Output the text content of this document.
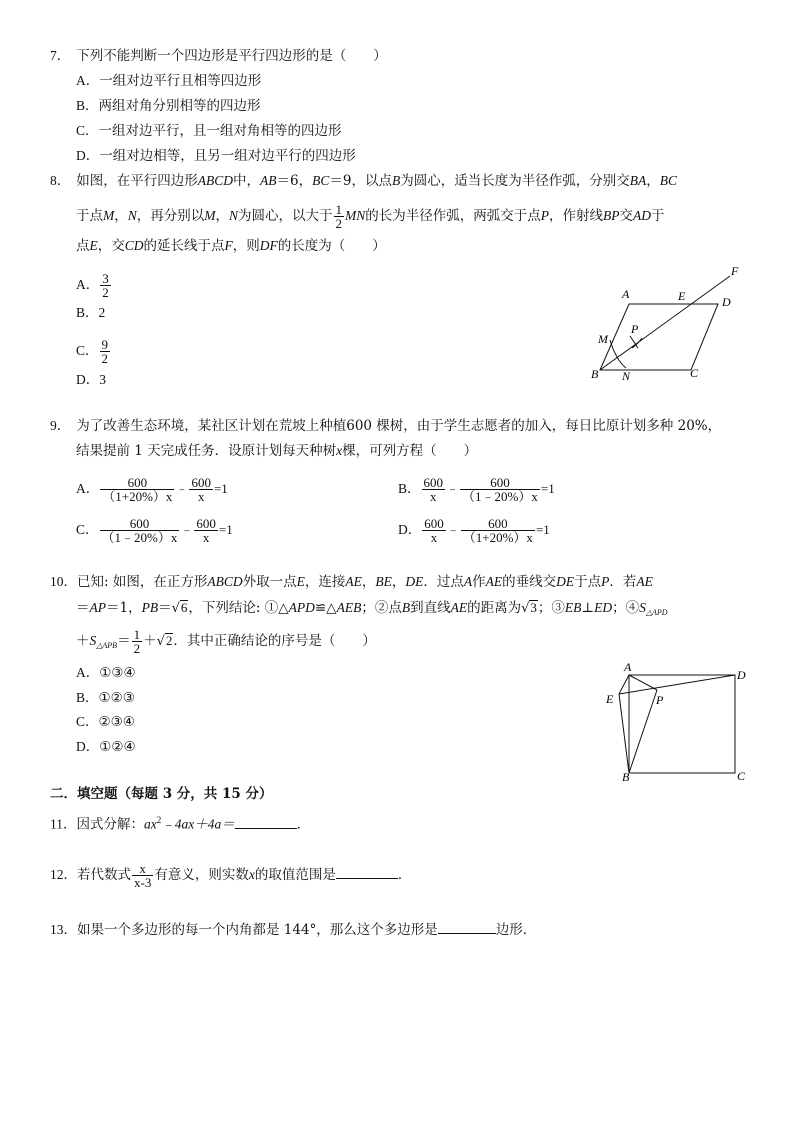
7． 下列不能判断一个四边形是平行四边形的是（　　）
A．一组对边平行且相等四边形
B．两组对角分别相等的四边形
C．一组对边平行，且一组对角相等的四边形
D．一组对边相等，且另一组对边平行的四边形
8． 如图，在平行四边形ABCD中，AB＝6，BC＝9，以点B为圆心，适当长度为半径作弧，分别交BA，BC
于点M，N，再分别以M，N为圆心，以大于 $\frac{1}{2}$ MN的长为半径作弧，两弧交于点P，作射线BP交AD于
点E，交CD的延长线于点F，则DF的长度为（　　）
A． $\frac{3}{2}$
B．2
C． $\frac{9}{2}$
D．3
A	E	D
F
M
P
B N	C
9． 为了改善生态环境，某社区计划在荒坡上种植600 棵树，由于学生志愿者的加入，每日比原计划多种 20%，
结果提前 1 天完成任务．设原计划每天种树x棵，可列方程（　　）
A． $\frac{600}{(1+20\%)x}$ ﹣ $\frac{600}{x} =1$	B． $\frac{600}{x}$ ﹣ $\frac{600}{(1﹣20\%)x} =1$
C． $\frac{600}{(1﹣20\%)x}$ ﹣ $\frac{600}{x} =1$	D． $\frac{600}{x}$ ﹣ $\frac{600}{(1+20\%)x} =1$
10．已知: 如图，在正方形ABCD外取一点E，连接AE，BE，DE．过点A作AE的垂线交DE于点P．若AE
＝AP＝1，PB＝√6，下列结论: ①△APD≌△AEB；②点B到直线AE的距离为√3；③EB⊥ED；$④S_{\triangle APD}$
$+S_{\triangle APB}= \frac{1}{2} +√2$．其中正确结论的序号是（　　）
A．①③④
B．①②③
C．②③④
D．①②④
A
D
E	P
B	C
二．填空题（每题 3 分，共 15 分）
11．因式分解：$ax^2﹣4ax+4a=$	．
12．若代数式 $\frac{x}{x-3}$ 有意义，则实数x的取值范围是	．
13．如果一个多边形的每一个内角都是 144°，那么这个多边形是	边形．
